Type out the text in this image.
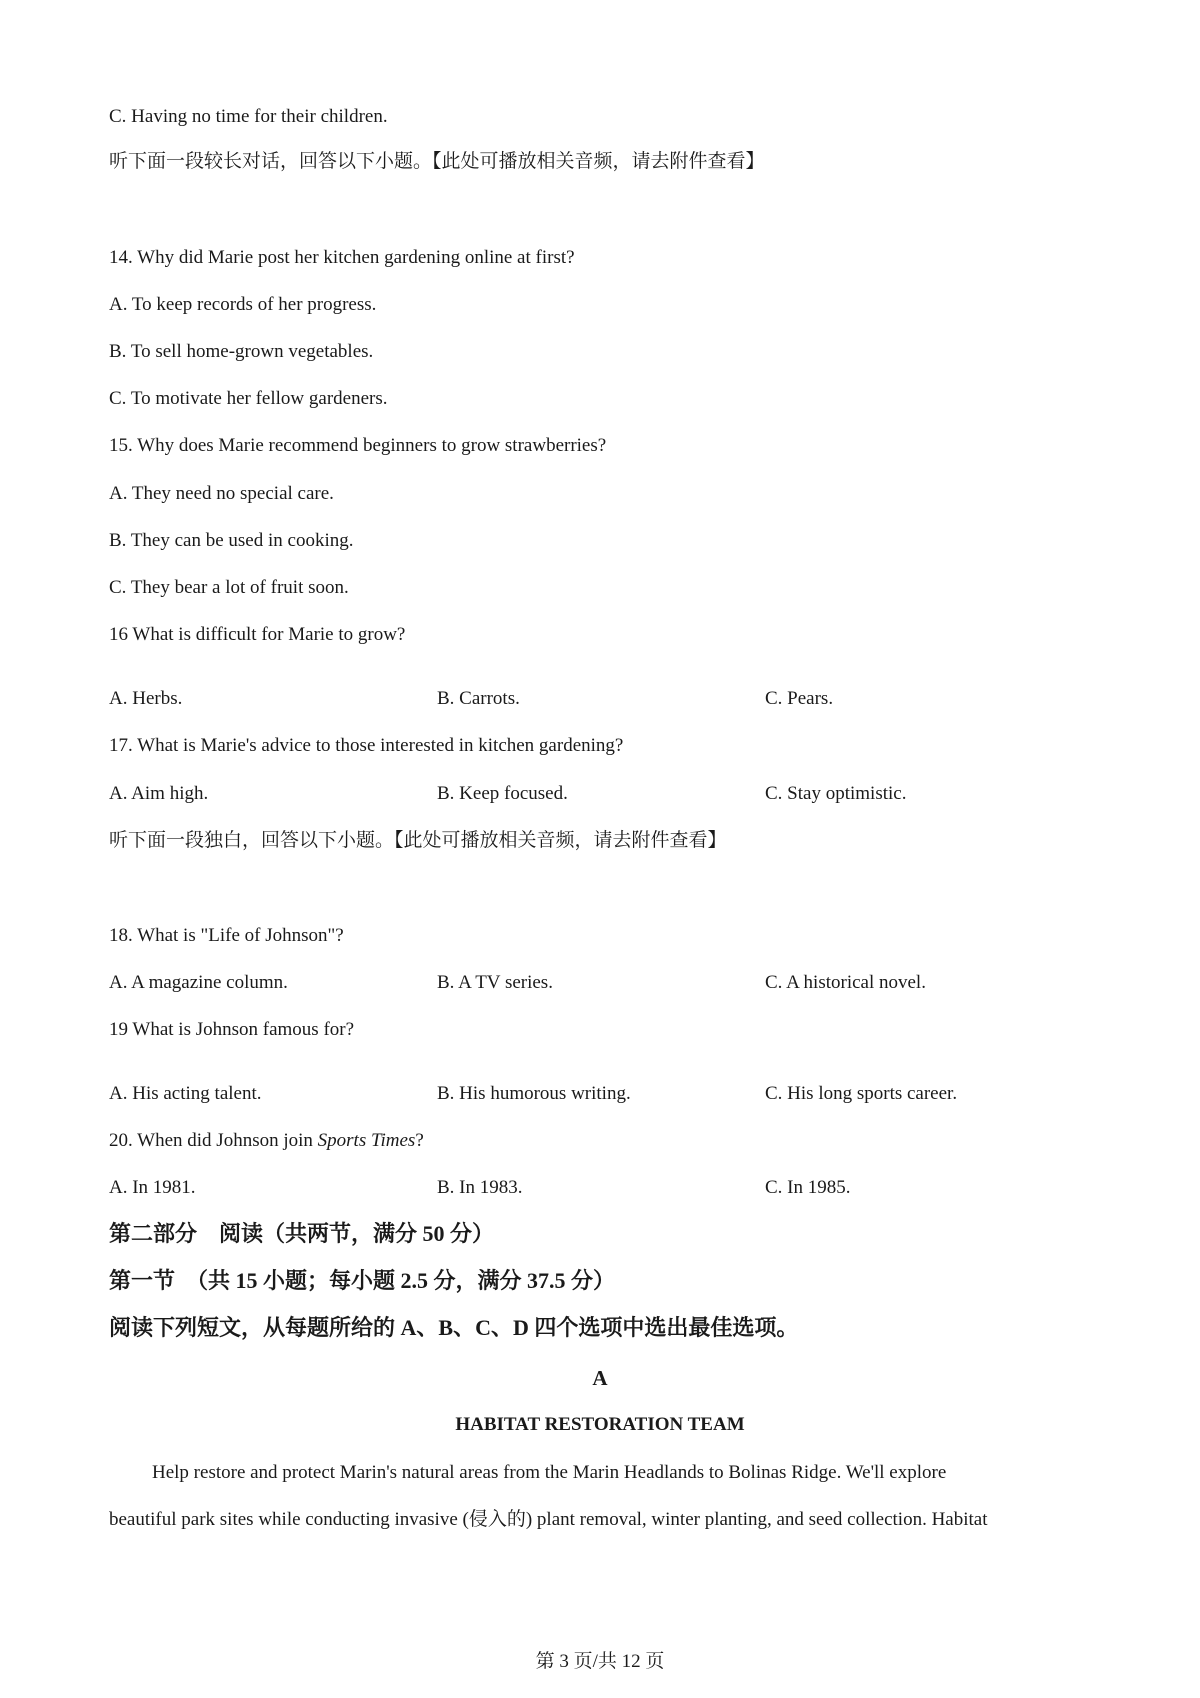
C. Having no time for their children.
听下面一段较长对话，回答以下小题。【此处可播放相关音频，请去附件查看】
14. Why did Marie post her kitchen gardening online at first?
A. To keep records of her progress.
B. To sell home-grown vegetables.
C. To motivate her fellow gardeners.
15. Why does Marie recommend beginners to grow strawberries?
A. They need no special care.
B. They can be used in cooking.
C. They bear a lot of fruit soon.
16 What is difficult for Marie to grow?
A. Herbs.	B. Carrots.	C. Pears.
17. What is Marie's advice to those interested in kitchen gardening?
A. Aim high.	B. Keep focused.	C. Stay optimistic.
听下面一段独白，回答以下小题。【此处可播放相关音频，请去附件查看】
18. What is "Life of Johnson"?
A. A magazine column.	B. A TV series.	C. A historical novel.
19 What is Johnson famous for?
A. His acting talent.	B. His humorous writing.	C. His long sports career.
20. When did Johnson join Sports Times?
A. In 1981.	B. In 1983.	C. In 1985.
第二部分　阅读（共两节，满分 50 分）
第一节　（共 15 小题；每小题 2.5 分，满分 37.5 分）
阅读下列短文，从每题所给的 A、B、C、D 四个选项中选出最佳选项。
A
HABITAT RESTORATION TEAM
Help restore and protect Marin's natural areas from the Marin Headlands to Bolinas Ridge. We'll explore
beautiful park sites while conducting invasive (侵入的) plant removal, winter planting, and seed collection. Habitat
第 3 页/共 12 页
